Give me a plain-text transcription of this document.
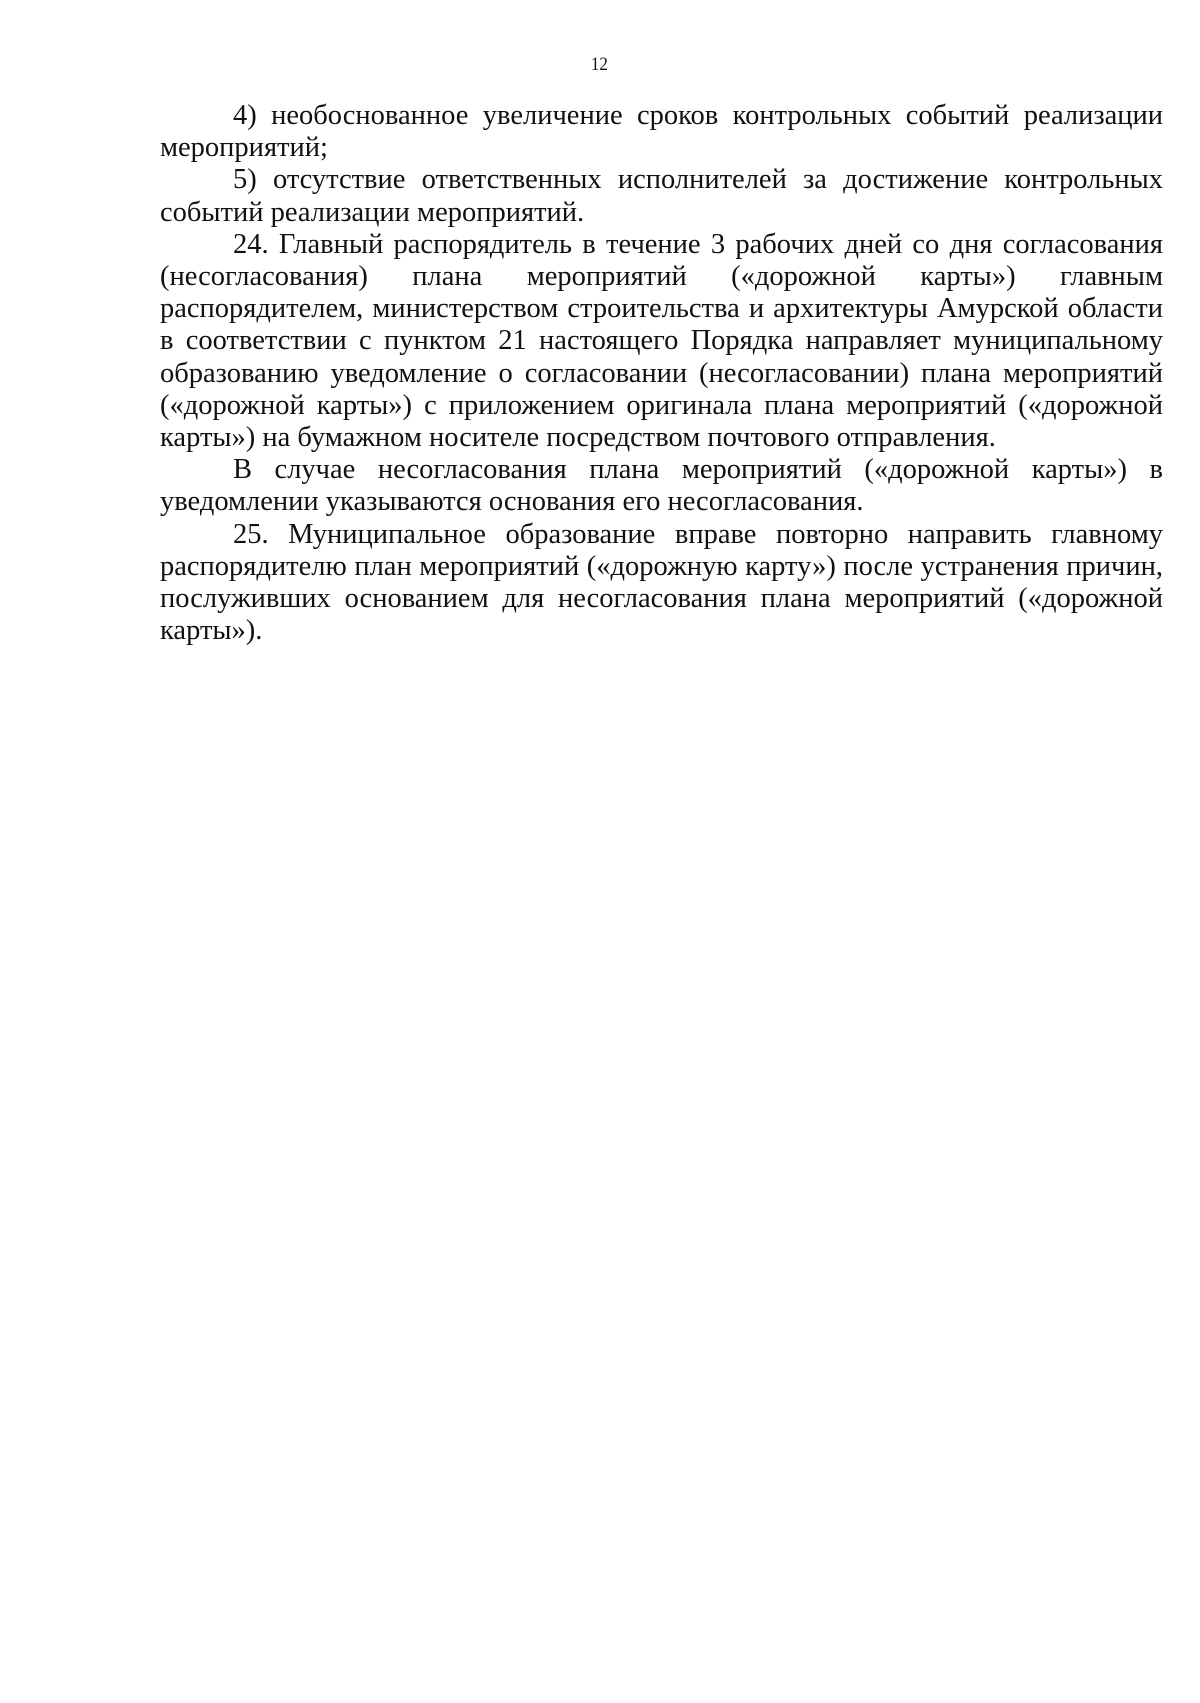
12

4) необоснованное увеличение сроков контрольных событий реализации мероприятий;

5) отсутствие ответственных исполнителей за достижение контрольных событий реализации мероприятий.

24. Главный распорядитель в течение 3 рабочих дней со дня согласования (несогласования) плана мероприятий («дорожной карты») главным распорядителем, министерством строительства и архитектуры Амурской области в соответствии с пунктом 21 настоящего Порядка направляет муниципальному образованию уведомление о согласовании (несогласовании) плана мероприятий («дорожной карты») с приложением оригинала плана мероприятий («дорожной карты») на бумажном носителе посредством почтового отправления.

В случае несогласования плана мероприятий («дорожной карты») в уведомлении указываются основания его несогласования.

25. Муниципальное образование вправе повторно направить главному распорядителю план мероприятий («дорожную карту») после устранения причин, послуживших основанием для несогласования плана мероприятий («дорожной карты»).
